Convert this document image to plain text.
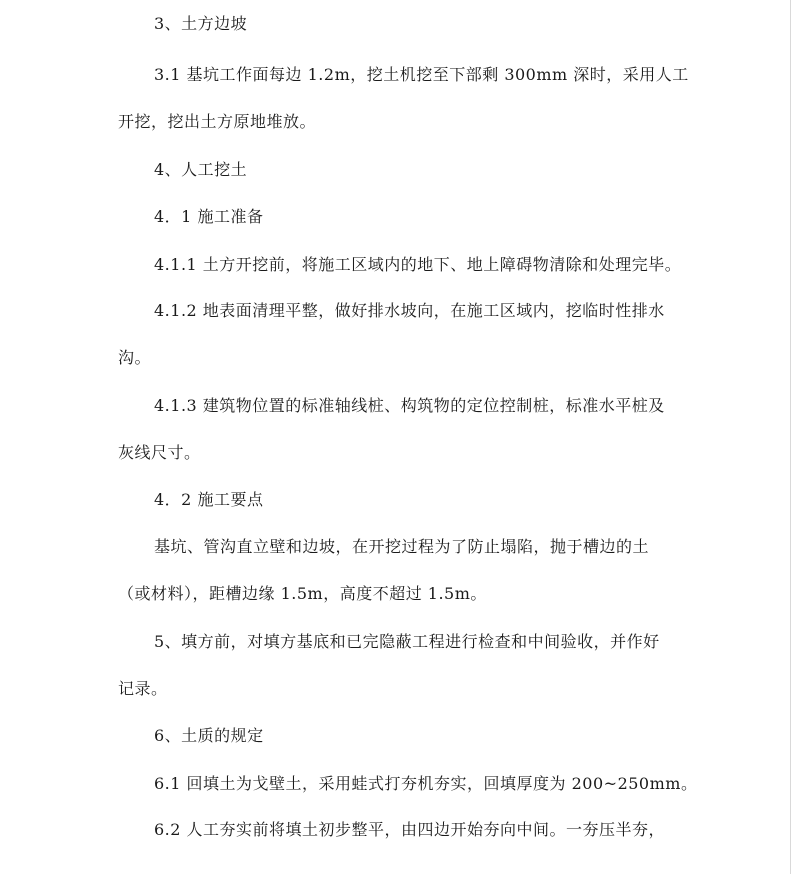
3、土方边坡
3.1 基坑工作面每边 1.2m，挖土机挖至下部剩 300mm 深时，采用人工
开挖，挖出土方原地堆放。
4、人工挖土
4．1 施工准备
4.1.1 土方开挖前，将施工区域内的地下、地上障碍物清除和处理完毕。
4.1.2 地表面清理平整，做好排水坡向，在施工区域内，挖临时性排水
沟。
4.1.3 建筑物位置的标准轴线桩、构筑物的定位控制桩，标准水平桩及
灰线尺寸。
4．2 施工要点
基坑、管沟直立壁和边坡，在开挖过程为了防止塌陷，抛于槽边的土
（或材料），距槽边缘 1.5m，高度不超过 1.5m。
5、填方前，对填方基底和已完隐蔽工程进行检查和中间验收，并作好
记录。
6、土质的规定
6.1 回填土为戈壁土，采用蛙式打夯机夯实，回填厚度为 200~250mm。
6.2 人工夯实前将填土初步整平，由四边开始夯向中间。一夯压半夯，
